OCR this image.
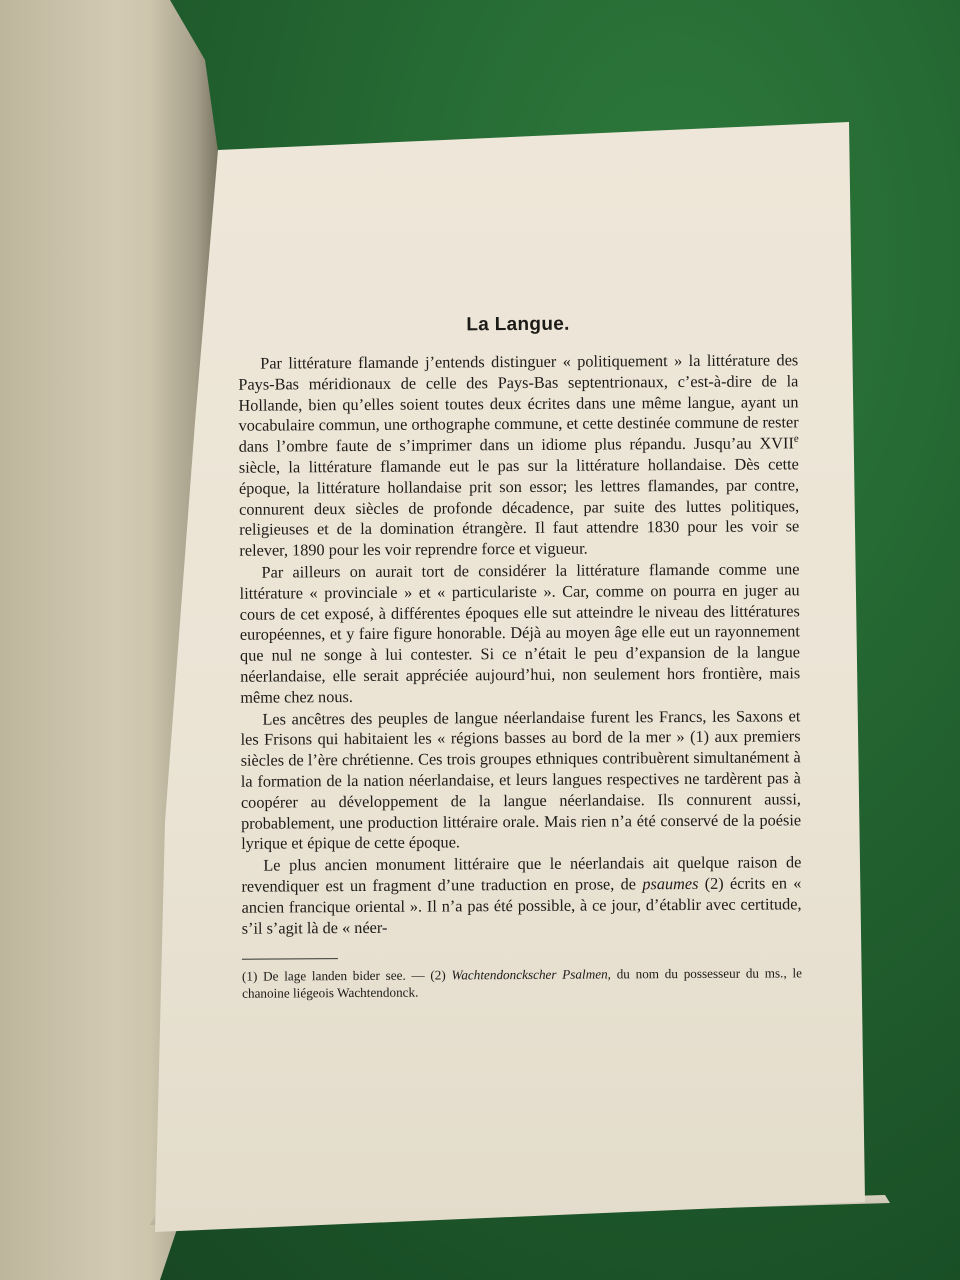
La Langue.

Par littérature flamande j’entends distinguer « politiquement » la littérature des Pays-Bas méridionaux de celle des Pays-Bas septentrionaux, c’est-à-dire de la Hollande, bien qu’elles soient toutes deux écrites dans une même langue, ayant un vocabulaire commun, une orthographe commune, et cette destinée commune de rester dans l’ombre faute de s’imprimer dans un idiome plus répandu. Jusqu’au XVIIe siècle, la littérature flamande eut le pas sur la littérature hollandaise. Dès cette époque, la littérature hollandaise prit son essor; les lettres flamandes, par contre, connurent deux siècles de profonde décadence, par suite des luttes politiques, religieuses et de la domination étrangère. Il faut attendre 1830 pour les voir se relever, 1890 pour les voir reprendre force et vigueur.

Par ailleurs on aurait tort de considérer la littérature flamande comme une littérature « provinciale » et « particulariste ». Car, comme on pourra en juger au cours de cet exposé, à différentes époques elle sut atteindre le niveau des littératures européennes, et y faire figure honorable. Déjà au moyen âge elle eut un rayonnement que nul ne songe à lui contester. Si ce n’était le peu d’expansion de la langue néerlandaise, elle serait appréciée aujourd’hui, non seulement hors frontière, mais même chez nous.

Les ancêtres des peuples de langue néerlandaise furent les Francs, les Saxons et les Frisons qui habitaient les « régions basses au bord de la mer » (1) aux premiers siècles de l’ère chrétienne. Ces trois groupes ethniques contribuèrent simultanément à la formation de la nation néerlandaise, et leurs langues respectives ne tardèrent pas à coopérer au développement de la langue néerlandaise. Ils connurent aussi, probablement, une production littéraire orale. Mais rien n’a été conservé de la poésie lyrique et épique de cette époque.

Le plus ancien monument littéraire que le néerlandais ait quelque raison de revendiquer est un fragment d’une traduction en prose, de psaumes (2) écrits en « ancien francique oriental ». Il n’a pas été possible, à ce jour, d’établir avec certitude, s’il s’agit là de « néer-

(1) De lage landen bider see. — (2) Wachtendonckscher Psalmen, du nom du possesseur du ms., le chanoine liégeois Wachtendonck.
